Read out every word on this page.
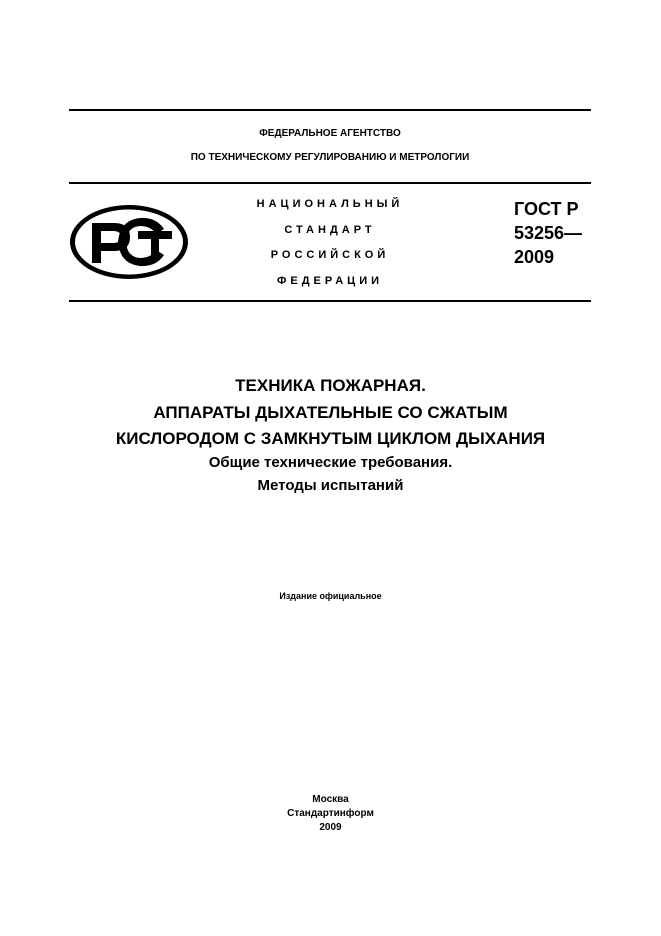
ФЕДЕРАЛЬНОЕ АГЕНТСТВО
ПО ТЕХНИЧЕСКОМУ РЕГУЛИРОВАНИЮ И МЕТРОЛОГИИ
НАЦИОНАЛЬНЫЙ
СТАНДАРТ
РОССИЙСКОЙ
ФЕДЕРАЦИИ
ГОСТ Р
53256—
2009
ТЕХНИКА ПОЖАРНАЯ.
АППАРАТЫ ДЫХАТЕЛЬНЫЕ СО СЖАТЫМ
КИСЛОРОДОМ С ЗАМКНУТЫМ ЦИКЛОМ ДЫХАНИЯ
Общие технические требования.
Методы испытаний
Издание официальное
Москва
Стандартинформ
2009
